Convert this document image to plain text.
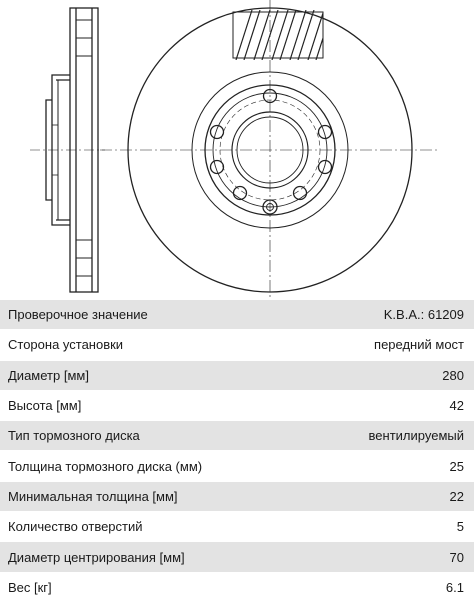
Проверочное значение	K.B.A.: 61209
Сторона установки	передний мост
Диаметр [мм]	280
Высота [мм]	42
Тип тормозного диска	вентилируемый
Толщина тормозного диска (мм)	25
Минимальная толщина [мм]	22
Количество отверстий	5
Диаметр центрирования [мм]	70
Вес [кг]	6.1
